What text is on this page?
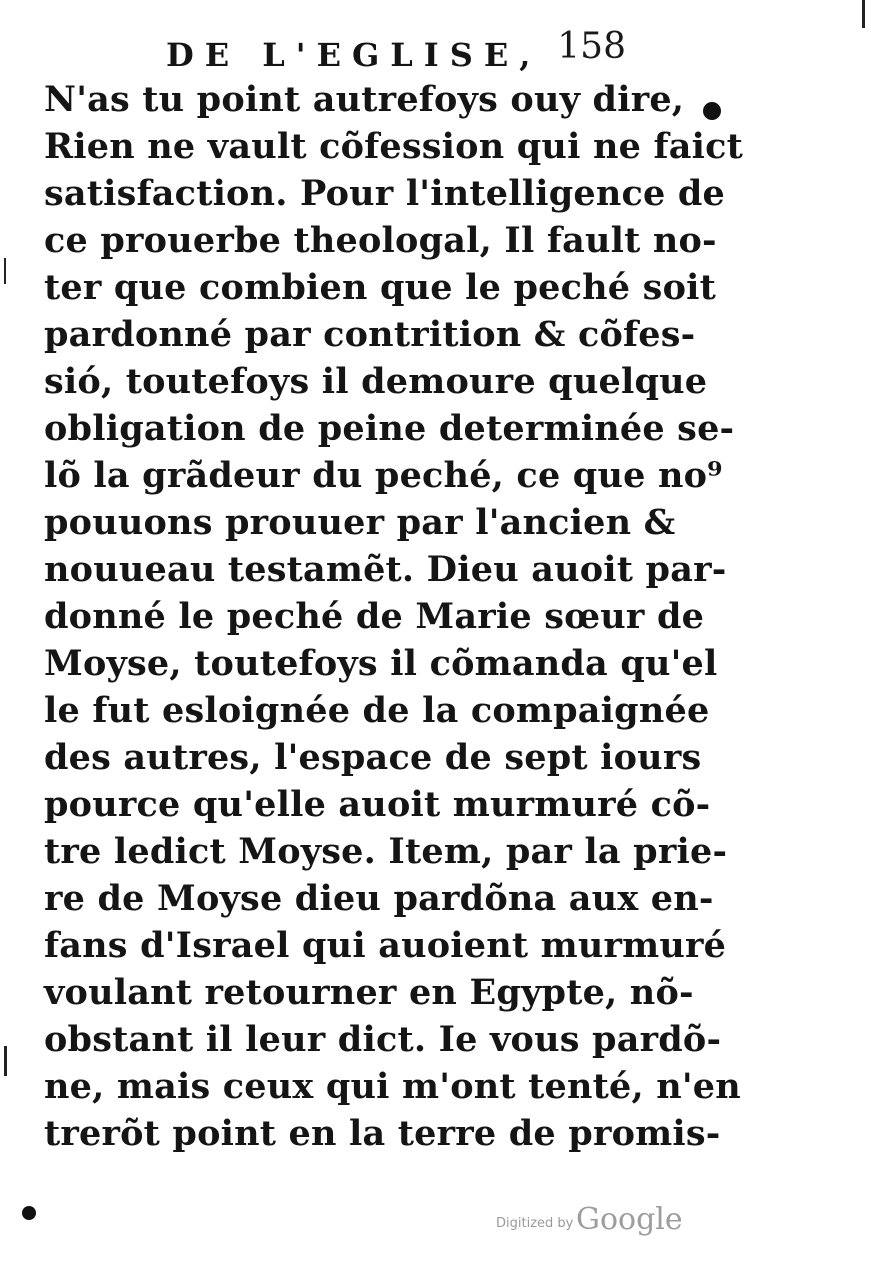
DE L'EGLISE, 158
N'as tu point autrefoys ouy dire,
Rien ne vault cõfession qui ne faict
satisfaction. Pour l'intelligence de
ce prouerbe theologal, Il fault no-
ter que combien que le peché soit
pardonné par contrition & cõfes-
sió, toutefoys il demoure quelque
obligation de peine determinée se-
lõ la grãdeur du peché, ce que no⁹
pouuons prouuer par l'ancien &
nouueau testamẽt. Dieu auoit par-
donné le peché de Marie sœur de
Moyse, toutefoys il cõmanda qu'el
le fut esloignée de la compaignée
des autres, l'espace de sept iours
pource qu'elle auoit murmuré cõ-
tre ledict Moyse. Item, par la prie-
re de Moyse dieu pardõna aux en-
fans d'Israel qui auoient murmuré
voulant retourner en Egypte, nõ-
obstant il leur dict. Ie vous pardõ-
ne, mais ceux qui m'ont tenté, n'en
trerõt point en la terre de promis-
Digitized by Google
